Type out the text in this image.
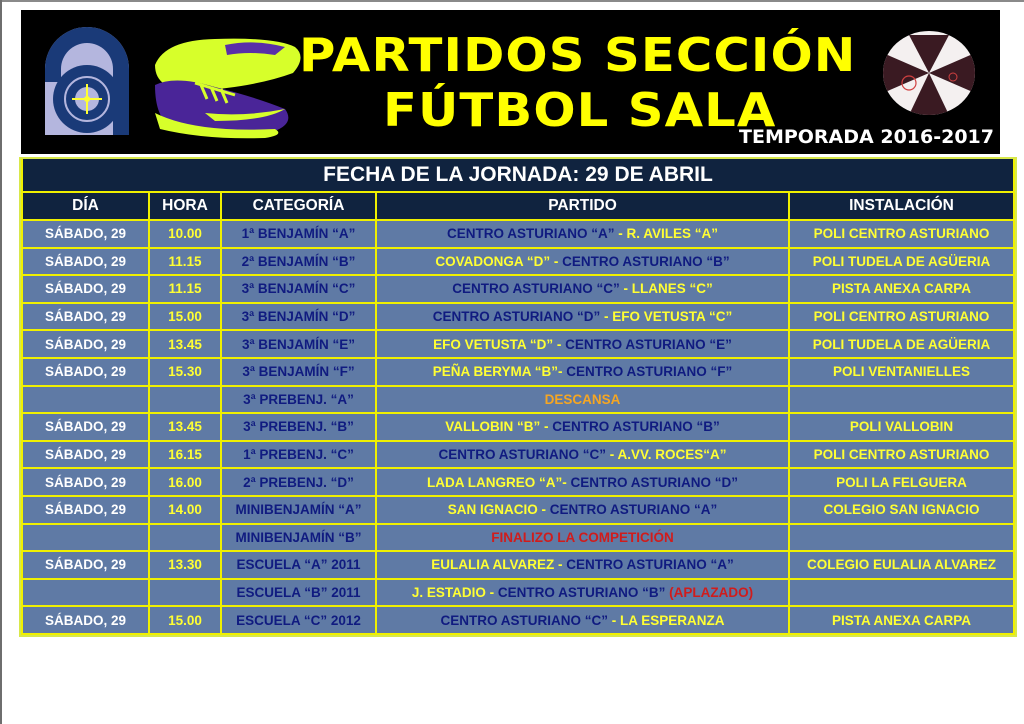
PARTIDOS SECCIÓN
FÚTBOL SALA
TEMPORADA 2016-2017
FECHA DE LA JORNADA: 29 DE ABRIL				
DÍA	HORA	CATEGORÍA	PARTIDO	INSTALACIÓN
SÁBADO, 29	10.00	1ª BENJAMÍN “A”	CENTRO ASTURIANO “A” - R. AVILES “A”	POLI CENTRO ASTURIANO
SÁBADO, 29	11.15	2ª BENJAMÍN “B”	COVADONGA “D” - CENTRO ASTURIANO “B”	POLI TUDELA DE AGÜERIA
SÁBADO, 29	11.15	3ª BENJAMÍN “C”	CENTRO ASTURIANO “C” - LLANES “C”	PISTA ANEXA CARPA
SÁBADO, 29	15.00	3ª BENJAMÍN “D”	CENTRO ASTURIANO “D” - EFO VETUSTA “C”	POLI CENTRO ASTURIANO
SÁBADO, 29	13.45	3ª BENJAMÍN “E”	EFO VETUSTA “D” - CENTRO ASTURIANO “E”	POLI TUDELA DE AGÜERIA
SÁBADO, 29	15.30	3ª BENJAMÍN “F”	PEÑA BERYMA “B”- CENTRO ASTURIANO “F”	POLI VENTANIELLES
		3ª PREBENJ. “A”	DESCANSA	
SÁBADO, 29	13.45	3ª PREBENJ. “B”	VALLOBIN “B” - CENTRO ASTURIANO “B”	POLI VALLOBIN
SÁBADO, 29	16.15	1ª PREBENJ. “C”	CENTRO ASTURIANO “C” - A.VV. ROCES“A”	POLI CENTRO ASTURIANO
SÁBADO, 29	16.00	2ª PREBENJ. “D”	LADA LANGREO “A”- CENTRO ASTURIANO “D”	POLI LA FELGUERA
SÁBADO, 29	14.00	MINIBENJAMÍN “A”	SAN IGNACIO - CENTRO ASTURIANO “A”	COLEGIO SAN IGNACIO
		MINIBENJAMÍN “B”	FINALIZO LA COMPETICIÓN	
SÁBADO, 29	13.30	ESCUELA “A” 2011	EULALIA ALVAREZ - CENTRO ASTURIANO “A”	COLEGIO EULALIA ALVAREZ
		ESCUELA “B” 2011	J. ESTADIO - CENTRO ASTURIANO “B” (APLAZADO)	
SÁBADO, 29	15.00	ESCUELA “C” 2012	CENTRO ASTURIANO “C” - LA ESPERANZA	PISTA ANEXA CARPA
